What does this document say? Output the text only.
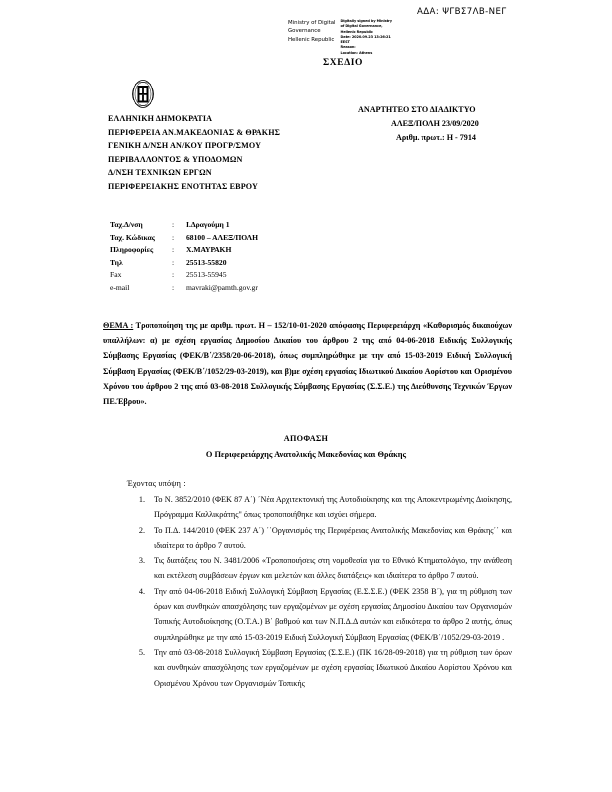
ΑΔΑ: ΨΓΒΣ7ΛΒ-ΝΕΓ
Ministry of Digital
Governance
Hellenic Republic
Digitally signed by Ministry
of Digital Governance,
Hellenic Republic
Date: 2020.09.23 13:26:21
EEST
Reason:
Location: Athens
ΣΧΕΔΙΟ
ΕΛΛΗΝΙΚΗ ΔΗΜΟΚΡΑΤΙΑ
ΠΕΡΙΦΕΡΕΙΑ ΑΝ.ΜΑΚΕΔΟΝΙΑΣ & ΘΡΑΚΗΣ
ΓΕΝΙΚΗ Δ/ΝΣΗ ΑΝ/ΚΟΥ ΠΡΟΓΡ/ΣΜΟΥ
ΠΕΡΙΒΑΛΛΟΝΤΟΣ & ΥΠΟΔΟΜΩΝ
Δ/ΝΣΗ ΤΕΧΝΙΚΩΝ ΕΡΓΩΝ
ΠΕΡΙΦΕΡΕΙΑΚΗΣ ΕΝΟΤΗΤΑΣ ΕΒΡΟΥ
ΑΝΑΡΤΗΤΕΟ ΣΤΟ ΔΙΑΔΙΚΤΥΟ
ΑΛΕΞ/ΠΟΛΗ 23/09/2020
Αριθμ. πρωτ.: Η - 7914
Ταχ.Δ/νση	:	Ι.Δραγούμη 1
Ταχ. Κώδικας	:	68100 – ΑΛΕΞ/ΠΟΛΗ
Πληροφορίες	:	Χ.ΜΑΥΡΑΚΗ
Τηλ	:	25513-55820
Fax	:	25513-55945
e-mail	:	mavraki@pamth.gov.gr
ΘΕΜΑ : Τροποποίηση της με αριθμ. πρωτ. Η – 152/10-01-2020 απόφασης Περιφερειάρχη «Καθορισμός δικαιούχων υπαλλήλων: α) με σχέση εργασίας Δημοσίου Δικαίου του άρθρου 2 της από 04-06-2018 Ειδικής Συλλογικής Σύμβασης Εργασίας (ΦΕΚ/Β΄/2358/20-06-2018), όπως συμπληρώθηκε με την από 15-03-2019 Ειδική Συλλογική Σύμβαση Εργασίας (ΦΕΚ/Β΄/1052/29-03-2019), και β)με σχέση εργασίας Ιδιωτικού Δικαίου Αορίστου και Ορισμένου Χρόνου του άρθρου 2 της από 03-08-2018 Συλλογικής Σύμβασης Εργασίας (Σ.Σ.Ε.) της Διεύθυνσης Τεχνικών Έργων ΠΕ.Έβρου».
ΑΠΟΦΑΣΗ
Ο Περιφερειάρχης Ανατολικής Μακεδονίας και Θράκης
Έχοντας υπόψη :
1. Το Ν. 3852/2010 (ΦΕΚ 87 Α΄) ΄Νέα Αρχιτεκτονική της Αυτοδιοίκησης και της Αποκεντρωμένης Διοίκησης, Πρόγραμμα Καλλικράτης" όπως τροποποιήθηκε και ισχύει σήμερα.
2. Το Π.Δ. 144/2010 (ΦΕΚ 237 Α΄) ΄΄Οργανισμός της Περιφέρειας Ανατολικής Μακεδονίας και Θράκης΄΄ και ιδιαίτερα το άρθρο 7 αυτού.
3. Τις διατάξεις του Ν. 3481/2006 «Τροποποιήσεις στη νομοθεσία για το Εθνικό Κτηματολόγιο, την ανάθεση και εκτέλεση συμβάσεων έργων και μελετών και άλλες διατάξεις» και ιδιαίτερα το άρθρο 7 αυτού.
4. Την από 04-06-2018 Ειδική Συλλογική Σύμβαση Εργασίας (Ε.Σ.Σ.Ε.) (ΦΕΚ 2358 Β΄), για τη ρύθμιση των όρων και συνθηκών απασχόλησης των εργαζομένων με σχέση εργασίας Δημοσίου Δικαίου των Οργανισμών Τοπικής Αυτοδιοίκησης (Ο.Τ.Α.) Β΄ βαθμού και των Ν.Π.Δ.Δ αυτών και ειδικότερα το άρθρο 2 αυτής, όπως συμπληρώθηκε με την από 15-03-2019 Ειδική Συλλογική Σύμβαση Εργασίας (ΦΕΚ/Β΄/1052/29-03-2019 .
5. Την από 03-08-2018 Συλλογική Σύμβαση Εργασίας (Σ.Σ.Ε.) (ΠΚ 16/28-09-2018) για τη ρύθμιση των όρων και συνθηκών απασχόλησης των εργαζομένων με σχέση εργασίας Ιδιωτικού Δικαίου Αορίστου Χρόνου και Ορισμένου Χρόνου των Οργανισμών Τοπικής
